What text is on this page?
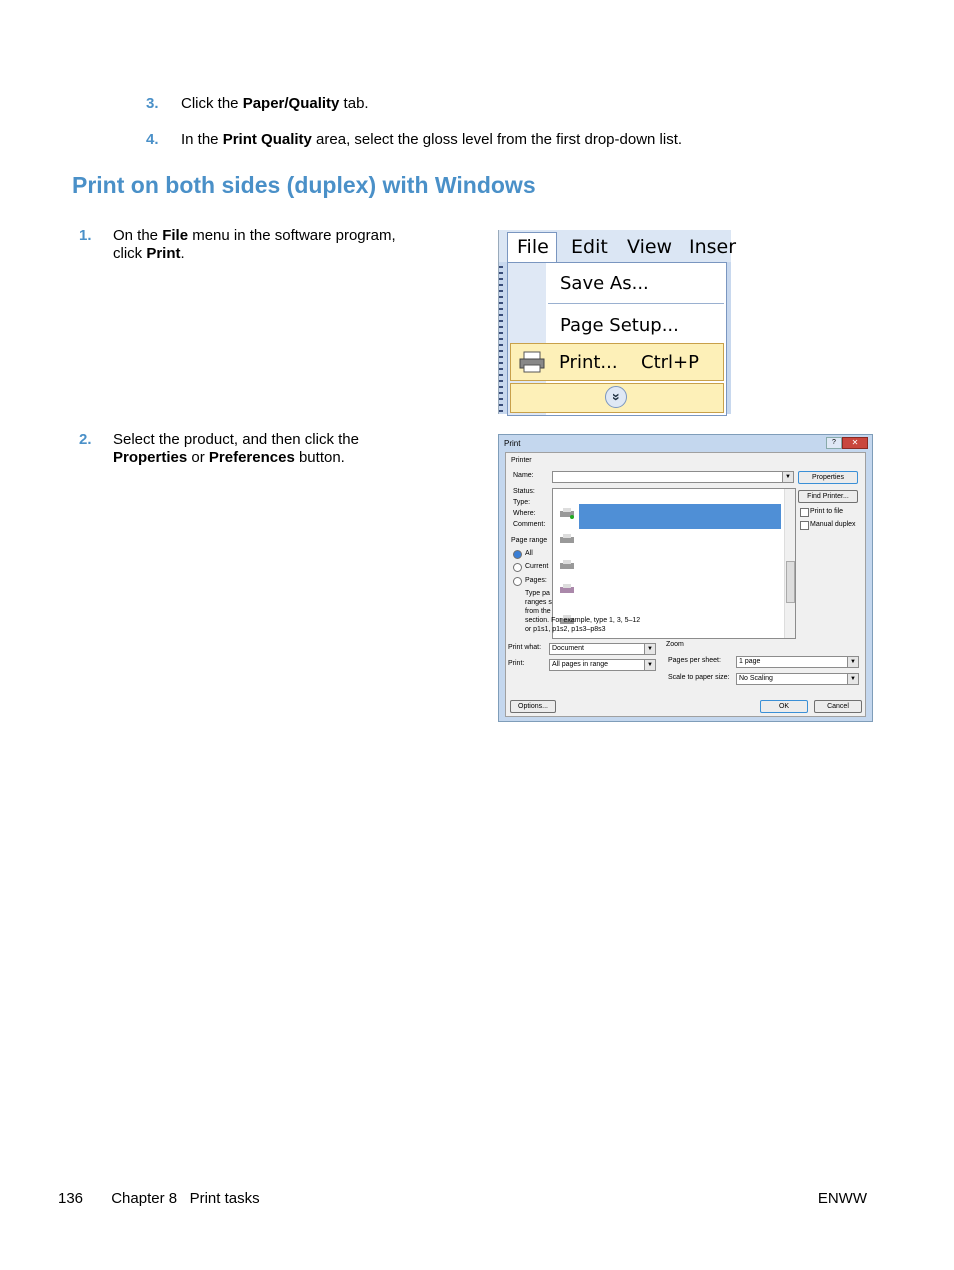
3. Click the Paper/Quality tab.
4. In the Print Quality area, select the gloss level from the first drop-down list.
Print on both sides (duplex) with Windows
1. On the File menu in the software program,
click Print.	File Edit View Inser
Save As...
Page Setup...
Print... Ctrl+P
»
2. Select the product, and then click the
Properties or Preferences button.
Print	?	✕
Printer
Name:	▼
Status:
Type:
Where:
Comment:
Properties
Find Printer...
Print to file
Manual duplex
Page range
All
Current
Pages:
Type pa
ranges s
from the
section. For example, type 1, 3, 5–12
or p1s1, p1s2, p1s3–p8s3
Print what: Document	▼
Print:	All pages in range	▼
Zoom
Pages per sheet:	1 page	▼
Scale to paper size: No Scaling	▼
Options...	OK	Cancel
136 Chapter 8   Print tasks	ENWW
